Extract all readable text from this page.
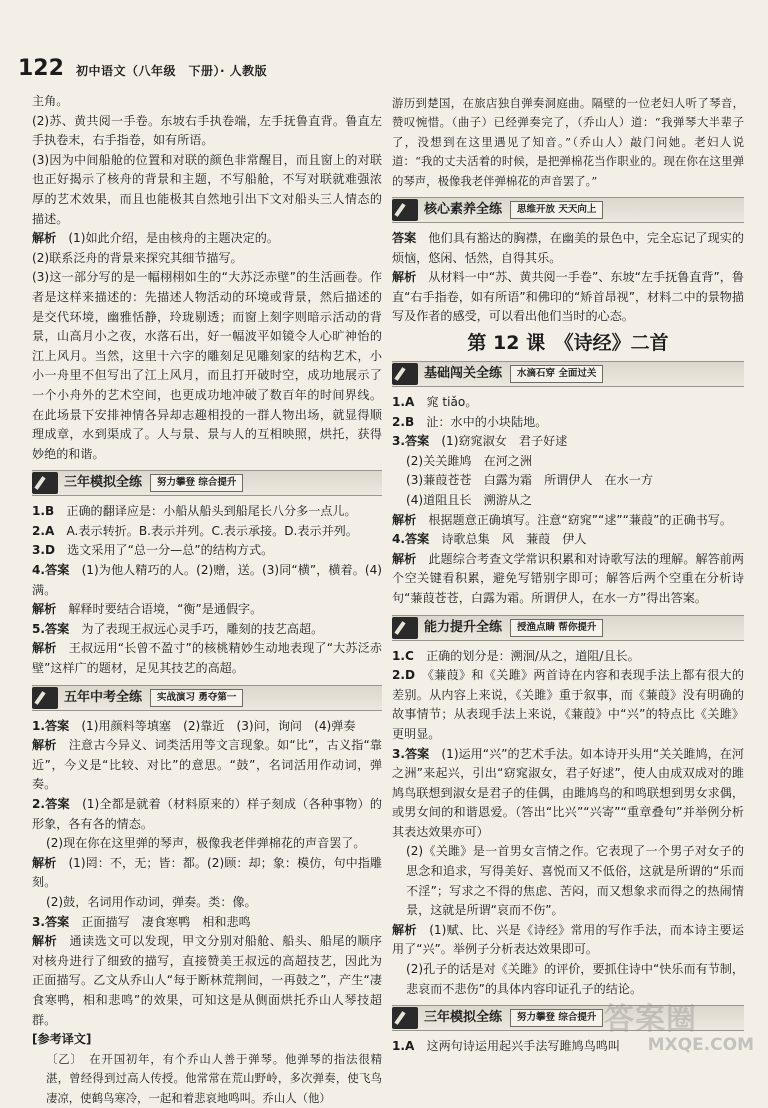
122 初中语文（八年级　下册）· 人教版

主角。

(2)苏、黄共阅一手卷。东坡右手执卷端，左手抚鲁直背。鲁直左手执卷末，右手指卷，如有所语。

(3)因为中间船舱的位置和对联的颜色非常醒目，而且窗上的对联也正好揭示了核舟的背景和主题，不写船舱，不写对联就难强浓厚的艺术效果，而且也能极其自然地引出下文对船头三人情态的描述。

解析　 (1)如此介绍，是由核舟的主题决定的。

(2)联系泛舟的背景来探究其细节描写。

(3)这一部分写的是一幅栩栩如生的“大苏泛赤壁”的生活画卷。作者是这样来描述的：先描述人物活动的环境或背景，然后描述的是交代环境，幽雅恬静，玲珑剔透；而窗上刻字则暗示活动的背景，山高月小之夜，水落石出，好一幅波平如镜令人心旷神怡的江上风月。当然，这里十六字的雕刻足见雕刻家的结构艺术，小小一舟里不但写出了江上风月，而且打开破时空，成功地展示了一个小舟外的艺术空间，也更成功地冲破了数百年的时间界线。在此场景下安排神情各异却志趣相投的一群人物出场，就显得顺理成章，水到渠成了。人与景、景与人的互相映照，烘托，获得妙绝的和谐。

三年模拟全练	努力攀登 综合提升

1.B　 正确的翻译应是：小船从船头到船尾长八分多一点儿。

2.A　 A.表示转折。B.表示并列。C.表示承接。D.表示并列。

3.D　 选文采用了“总一分—总”的结构方式。

4.答案　 (1)为他人精巧的人。(2)赠，送。(3)同“横”，横着。(4)满。

解析　 解释时要结合语境，“衡”是通假字。

5.答案　 为了表现王叔远心灵手巧，雕刻的技艺高超。

解析　 王叔远用“长曾不盈寸”的核桃精妙生动地表现了“大苏泛赤壁”这样广的题材，足见其技艺的高超。

五年中考全练	实战演习 勇夺第一

1.答案　 (1)用颜料等填塞　(2)靠近　(3)问，询问　(4)弹奏

解析　 注意古今异义、词类活用等文言现象。如“比”，古义指“靠近”，今义是“比较、对比”的意思。“鼓”，名词活用作动词，弹奏。

2.答案　 (1)全都是就着（材料原来的）样子刻成（各种事物）的形象，各有各的情态。

(2)现在你在这里弹的琴声，极像我老伴弹棉花的声音罢了。

解析　 (1)罔：不，无；皆：都。(2)顾：却；象：模仿，句中指雕刻。

(2)鼓，名词用作动词，弹奏。类：像。

3.答案　 正面描写　凄食寒鸭　相和悲鸣

解析　 通读选文可以发现，甲文分别对船舱、船头、船尾的顺序对核舟进行了细致的描写，直接赞美王叔远的高超技艺，因此为正面描写。乙文从乔山人“每于断林荒荆间，一再鼓之”，产生“凄食寒鸭，相和悲鸣”的效果，可知这是从侧面烘托乔山人琴技超群。

[参考译文]

〔乙〕　在开国初年，有个乔山人善于弹琴。他弹琴的指法很精湛，曾经得到过高人传授。他常常在荒山野岭，多次弹奏，使飞鸟凄凉，使鹤鸟寒冷，一起和着悲哀地鸣叫。乔山人（他）

游历到楚国，在旅店独自弹奏洞庭曲。隔壁的一位老妇人听了琴音，赞叹惋惜。（曲子）已经弹奏完了，（乔山人）道：“我弹琴大半辈子了，没想到在这里遇见了知音。”（乔山人）敲门问她。老妇人说道：“我的丈夫活着的时候，是把弹棉花当作职业的。现在你在这里弹的琴声，极像我老伴弹棉花的声音罢了。”

核心素养全练	思维开放 天天向上

答案　 他们具有豁达的胸襟，在幽美的景色中，完全忘记了现实的烦恼，悠闲、恬然，自得其乐。

解析　 从材料一中“苏、黄共阅一手卷”、东坡“左手抚鲁直背”，鲁直“右手指卷，如有所语”和佛印的“矫首昂视”，材料二中的景物描写及作者的感受，可以看出他们当时的心态。

第 12 课　《诗经》二首
基础闯关全练	水滴石穿 全面过关

1.A　 窕 tiǎo。

2.B　 沚：水中的小块陆地。

3.答案　 (1)窈窕淑女　君子好逑

(2)关关雎鸠　在河之洲

(3)蒹葭苍苍　白露为霜　所谓伊人　在水一方

(4)道阻且长　溯游从之

解析　 根据题意正确填写。注意“窈窕”“逑”“蒹葭”的正确书写。

4.答案　 诗歌总集　风　蒹葭　伊人

解析　 此题综合考查文学常识积累和对诗歌写法的理解。解答前两个空关键看积累，避免写错别字即可；解答后两个空重在分析诗句“蒹葭苍苍，白露为霜。所谓伊人，在水一方”得出答案。

能力提升全练	授渔点睛 帮你提升

1.C　 正确的划分是：溯洄/从之，道阻/且长。

2.D　 《蒹葭》和《关雎》两首诗在内容和表现手法上都有很大的差别。从内容上来说，《关雎》重于叙事，而《蒹葭》没有明确的故事情节；从表现手法上来说，《蒹葭》中“兴”的特点比《关雎》更明显。

3.答案　 (1)运用“兴”的艺术手法。如本诗开头用“关关雎鸠，在河之洲”来起兴，引出“窈窕淑女，君子好逑”，使人由成双成对的雎鸠鸟联想到淑女是君子的佳偶，由雎鸠鸟的和鸣联想到男女求偶，或男女间的和谐恩爱。（答出“比兴”“兴寄”“重章叠句”并举例分析其表达效果亦可）

(2)《关雎》是一首男女言情之作。它表现了一个男子对女子的思念和追求，写得美好、喜悦而又不低俗，这就是所谓的“乐而不淫”；写求之不得的焦虑、苦闷，而又想象求而得之的热闹情景，这就是所谓“哀而不伤”。

解析　 (1)赋、比、兴是《诗经》常用的写作手法，而本诗主要运用了“兴”。举例子分析表达效果即可。

(2)孔子的话是对《关雎》的评价，要抓住诗中“快乐而有节制，悲哀而不悲伤”的具体内容印证孔子的结论。

三年模拟全练	努力攀登 综合提升

1.A　 这两句诗运用起兴手法写雎鸠鸟鸣叫

答案圈
MXQE.COM
